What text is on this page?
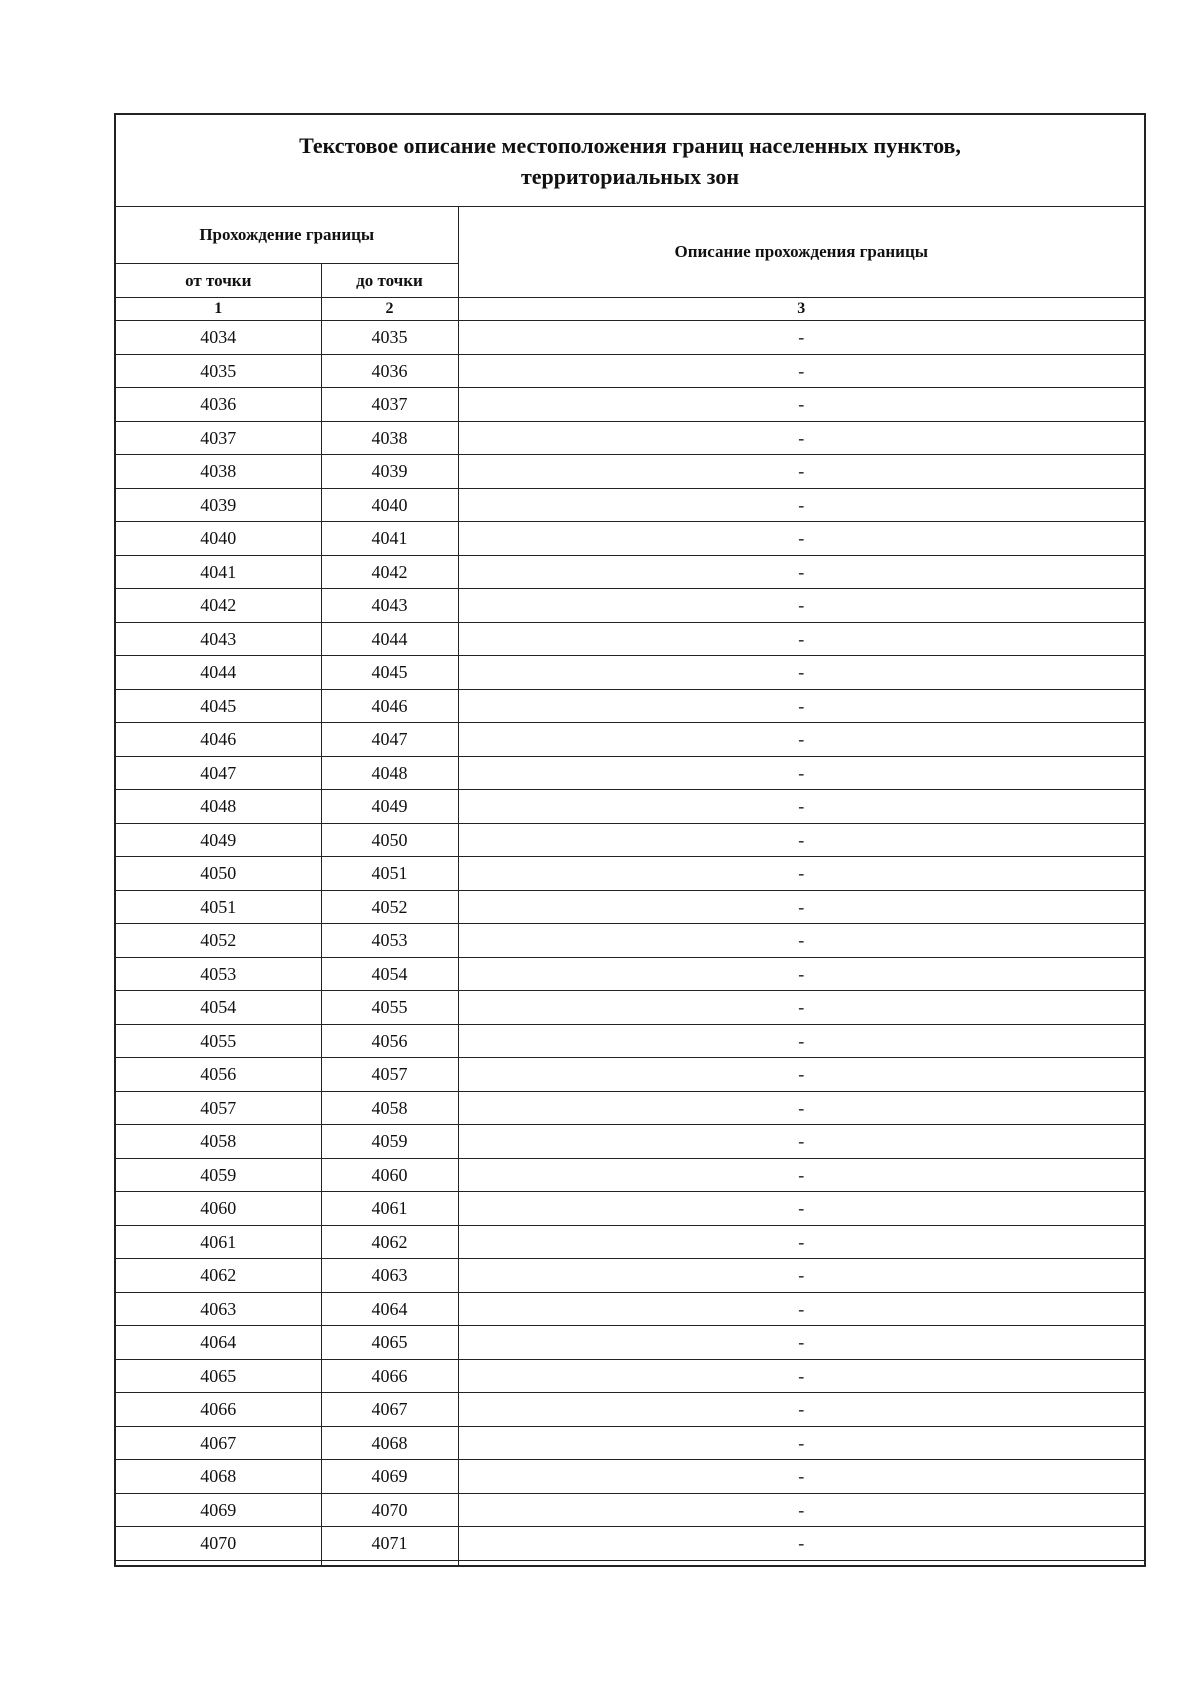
Текстовое описание местоположения границ населенных пунктов,
территориальных зон		

Прохождение границы		Описание прохождения границы
от точки	до точки	
1	2	3
4034	4035	-
4035	4036	-
4036	4037	-
4037	4038	-
4038	4039	-
4039	4040	-
4040	4041	-
4041	4042	-
4042	4043	-
4043	4044	-
4044	4045	-
4045	4046	-
4046	4047	-
4047	4048	-
4048	4049	-
4049	4050	-
4050	4051	-
4051	4052	-
4052	4053	-
4053	4054	-
4054	4055	-
4055	4056	-
4056	4057	-
4057	4058	-
4058	4059	-
4059	4060	-
4060	4061	-
4061	4062	-
4062	4063	-
4063	4064	-
4064	4065	-
4065	4066	-
4066	4067	-
4067	4068	-
4068	4069	-
4069	4070	-
4070	4071	-
